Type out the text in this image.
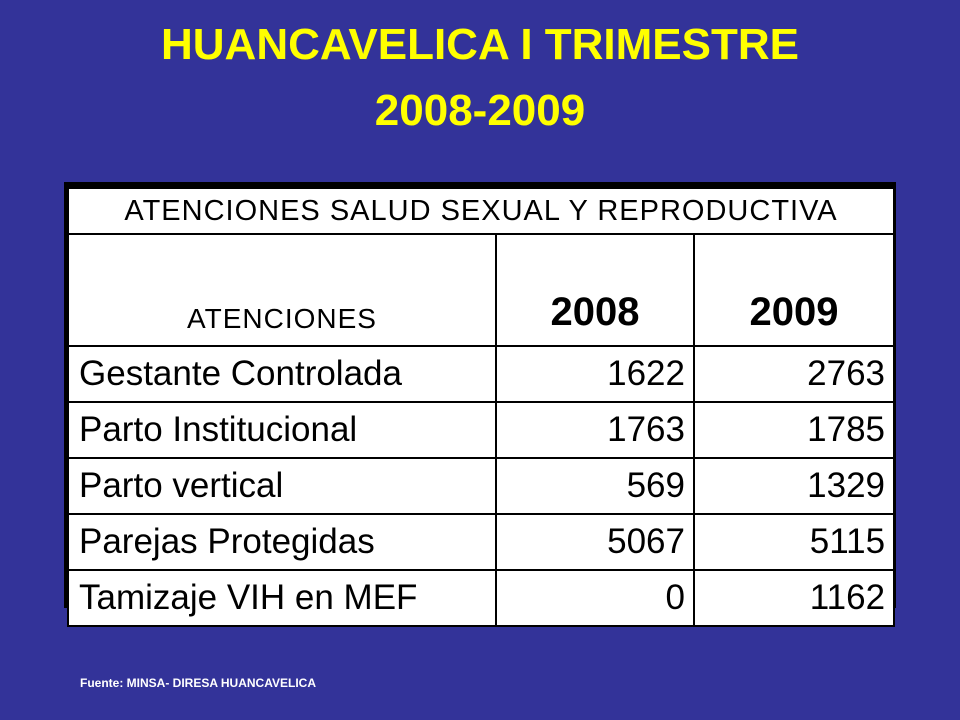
HUANCAVELICA I TRIMESTRE
2008-2009
ATENCIONES SALUD SEXUAL Y REPRODUCTIVA		
ATENCIONES	2008	2009
Gestante Controlada	1622	2763
Parto Institucional	1763	1785
Parto vertical	569	1329
Parejas Protegidas	5067	5115
Tamizaje VIH en MEF	0	1162
Fuente: MINSA- DIRESA HUANCAVELICA
